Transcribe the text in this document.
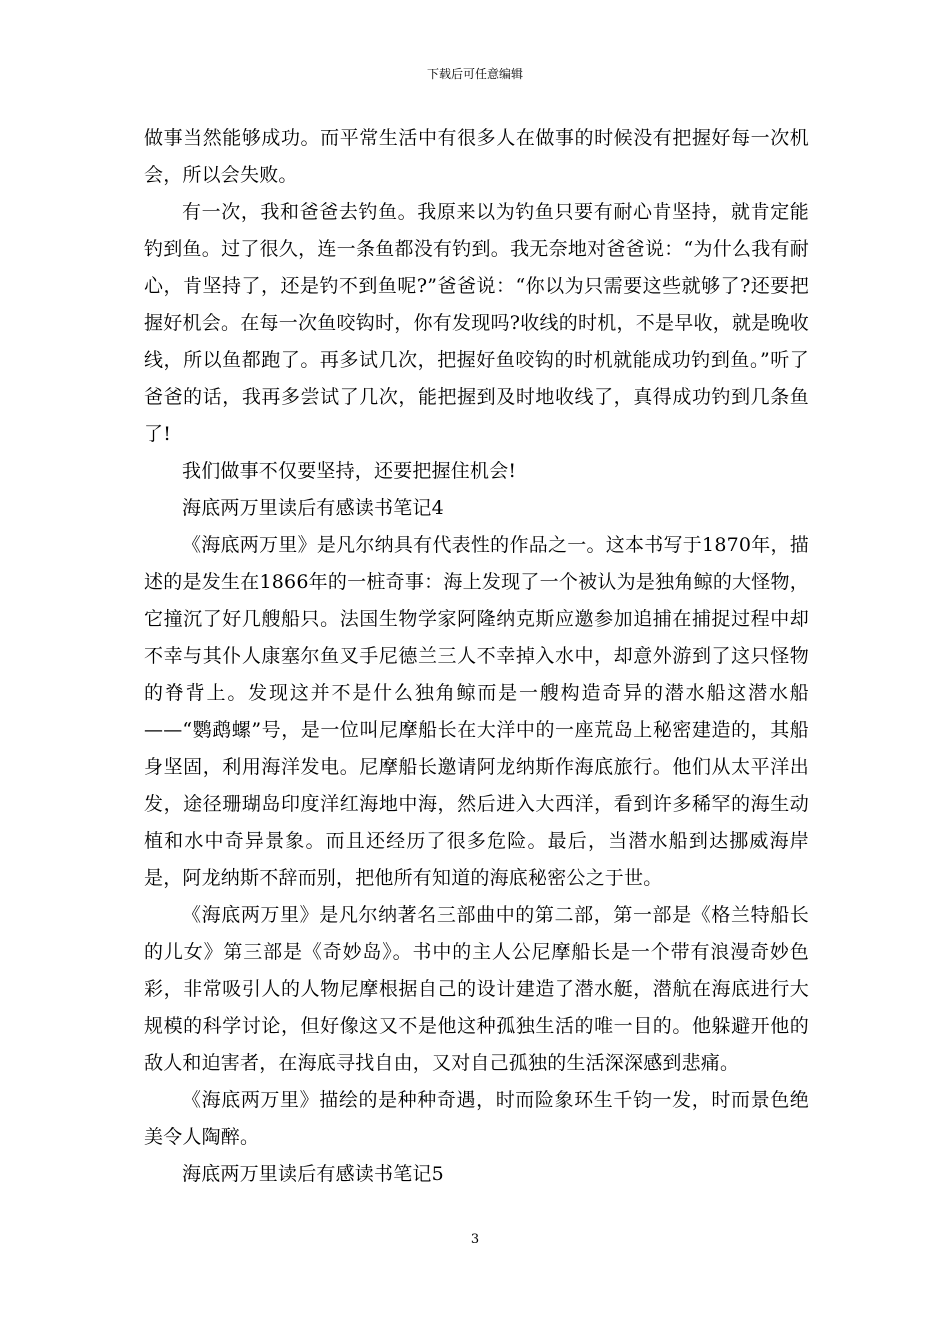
下载后可任意编辑

做事当然能够成功。而平常生活中有很多人在做事的时候没有把握好每一次机会，所以会失败。

有一次，我和爸爸去钓鱼。我原来以为钓鱼只要有耐心肯坚持，就肯定能钓到鱼。过了很久，连一条鱼都没有钓到。我无奈地对爸爸说：“为什么我有耐心，肯坚持了，还是钓不到鱼呢?”爸爸说：“你以为只需要这些就够了?还要把握好机会。在每一次鱼咬钩时，你有发现吗?收线的时机，不是早收，就是晚收线，所以鱼都跑了。再多试几次，把握好鱼咬钩的时机就能成功钓到鱼。”听了爸爸的话，我再多尝试了几次，能把握到及时地收线了，真得成功钓到几条鱼了!

我们做事不仅要坚持，还要把握住机会!

海底两万里读后有感读书笔记4

《海底两万里》是凡尔纳具有代表性的作品之一。这本书写于1870年，描述的是发生在1866年的一桩奇事：海上发现了一个被认为是独角鲸的大怪物，它撞沉了好几艘船只。法国生物学家阿隆纳克斯应邀参加追捕在捕捉过程中却不幸与其仆人康塞尔鱼叉手尼德兰三人不幸掉入水中，却意外游到了这只怪物的脊背上。发现这并不是什么独角鲸而是一艘构造奇异的潜水船这潜水船——“鹦鹉螺”号，是一位叫尼摩船长在大洋中的一座荒岛上秘密建造的，其船身坚固，利用海洋发电。尼摩船长邀请阿龙纳斯作海底旅行。他们从太平洋出发，途径珊瑚岛印度洋红海地中海，然后进入大西洋，看到许多稀罕的海生动植和水中奇异景象。而且还经历了很多危险。最后，当潜水船到达挪威海岸是，阿龙纳斯不辞而别，把他所有知道的海底秘密公之于世。

《海底两万里》是凡尔纳著名三部曲中的第二部，第一部是《格兰特船长的儿女》第三部是《奇妙岛》。书中的主人公尼摩船长是一个带有浪漫奇妙色彩，非常吸引人的人物尼摩根据自己的设计建造了潜水艇，潜航在海底进行大规模的科学讨论，但好像这又不是他这种孤独生活的唯一目的。他躲避开他的敌人和迫害者，在海底寻找自由，又对自己孤独的生活深深感到悲痛。

《海底两万里》描绘的是种种奇遇，时而险象环生千钧一发，时而景色绝美令人陶醉。

海底两万里读后有感读书笔记5

3
